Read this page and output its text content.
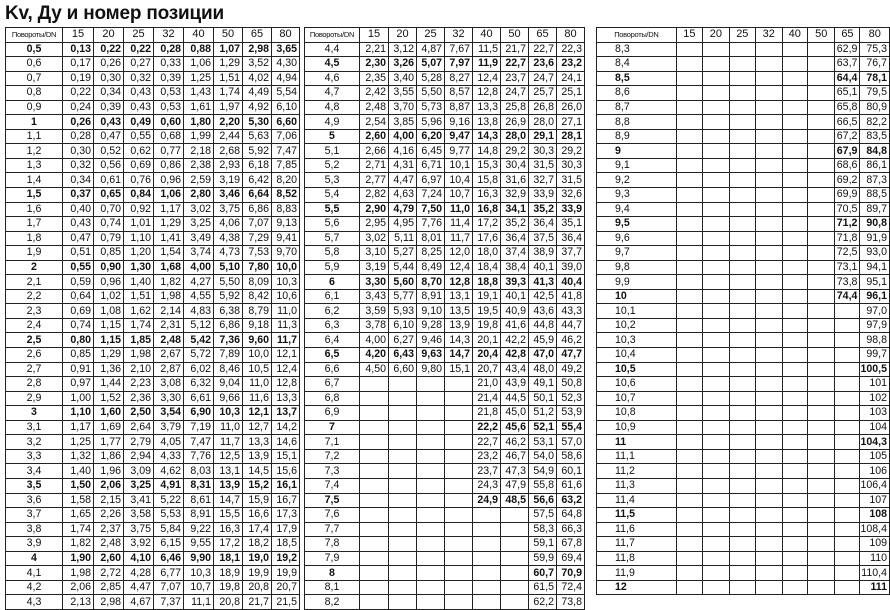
Kv, Ду и номер позиции
Повороты/DN	15	20	25	32	40	50	65	80
0,5	0,13	0,22	0,22	0,28	0,88	1,07	2,98	3,65
0,6	0,17	0,26	0,27	0,33	1,06	1,29	3,52	4,30
0,7	0,19	0,30	0,32	0,39	1,25	1,51	4,02	4,94
0,8	0,22	0,34	0,43	0,53	1,43	1,74	4,49	5,54
0,9	0,24	0,39	0,43	0,53	1,61	1,97	4,92	6,10
1	0,26	0,43	0,49	0,60	1,80	2,20	5,30	6,60
1,1	0,28	0,47	0,55	0,68	1,99	2,44	5,63	7,06
1,2	0,30	0,52	0,62	0,77	2,18	2,68	5,92	7,47
1,3	0,32	0,56	0,69	0,86	2,38	2,93	6,18	7,85
1,4	0,34	0,61	0,76	0,96	2,59	3,19	6,42	8,20
1,5	0,37	0,65	0,84	1,06	2,80	3,46	6,64	8,52
1,6	0,40	0,70	0,92	1,17	3,02	3,75	6,86	8,83
1,7	0,43	0,74	1,01	1,29	3,25	4,06	7,07	9,13
1,8	0,47	0,79	1,10	1,41	3,49	4,38	7,29	9,41
1,9	0,51	0,85	1,20	1,54	3,74	4,73	7,53	9,70
2	0,55	0,90	1,30	1,68	4,00	5,10	7,80	10,0
2,1	0,59	0,96	1,40	1,82	4,27	5,50	8,09	10,3
2,2	0,64	1,02	1,51	1,98	4,55	5,92	8,42	10,6
2,3	0,69	1,08	1,62	2,14	4,83	6,38	8,79	11,0
2,4	0,74	1,15	1,74	2,31	5,12	6,86	9,18	11,3
2,5	0,80	1,15	1,85	2,48	5,42	7,36	9,60	11,7
2,6	0,85	1,29	1,98	2,67	5,72	7,89	10,0	12,1
2,7	0,91	1,36	2,10	2,87	6,02	8,46	10,5	12,4
2,8	0,97	1,44	2,23	3,08	6,32	9,04	11,0	12,8
2,9	1,00	1,52	2,36	3,30	6,61	9,66	11,6	13,3
3	1,10	1,60	2,50	3,54	6,90	10,3	12,1	13,7
3,1	1,17	1,69	2,64	3,79	7,19	11,0	12,7	14,2
3,2	1,25	1,77	2,79	4,05	7,47	11,7	13,3	14,6
3,3	1,32	1,86	2,94	4,33	7,76	12,5	13,9	15,1
3,4	1,40	1,96	3,09	4,62	8,03	13,1	14,5	15,6
3,5	1,50	2,06	3,25	4,91	8,31	13,9	15,2	16,1
3,6	1,58	2,15	3,41	5,22	8,61	14,7	15,9	16,7
3,7	1,65	2,26	3,58	5,53	8,91	15,5	16,6	17,3
3,8	1,74	2,37	3,75	5,84	9,22	16,3	17,4	17,9
3,9	1,82	2,48	3,92	6,15	9,55	17,2	18,2	18,5
4	1,90	2,60	4,10	6,46	9,90	18,1	19,0	19,2
4,1	1,98	2,72	4,28	6,77	10,3	18,9	19,9	19,9
4,2	2,06	2,85	4,47	7,07	10,7	19,8	20,8	20,7
4,3	2,13	2,98	4,67	7,37	11,1	20,8	21,7	21,5
Повороты/DN	15	20	25	32	40	50	65	80
4,4	2,21	3,12	4,87	7,67	11,5	21,7	22,7	22,3
4,5	2,30	3,26	5,07	7,97	11,9	22,7	23,6	23,2
4,6	2,35	3,40	5,28	8,27	12,4	23,7	24,7	24,1
4,7	2,42	3,55	5,50	8,57	12,8	24,7	25,7	25,1
4,8	2,48	3,70	5,73	8,87	13,3	25,8	26,8	26,0
4,9	2,54	3,85	5,96	9,16	13,8	26,9	28,0	27,1
5	2,60	4,00	6,20	9,47	14,3	28,0	29,1	28,1
5,1	2,66	4,16	6,45	9,77	14,8	29,2	30,3	29,2
5,2	2,71	4,31	6,71	10,1	15,3	30,4	31,5	30,3
5,3	2,77	4,47	6,97	10,4	15,8	31,6	32,7	31,5
5,4	2,82	4,63	7,24	10,7	16,3	32,9	33,9	32,6
5,5	2,90	4,79	7,50	11,0	16,8	34,1	35,2	33,9
5,6	2,95	4,95	7,76	11,4	17,2	35,2	36,4	35,1
5,7	3,02	5,11	8,01	11,7	17,6	36,4	37,5	36,4
5,8	3,10	5,27	8,25	12,0	18,0	37,4	38,9	37,7
5,9	3,19	5,44	8,49	12,4	18,4	38,4	40,1	39,0
6	3,30	5,60	8,70	12,8	18,8	39,3	41,3	40,4
6,1	3,43	5,77	8,91	13,1	19,1	40,1	42,5	41,8
6,2	3,59	5,93	9,10	13,5	19,5	40,9	43,6	43,3
6,3	3,78	6,10	9,28	13,9	19,8	41,6	44,8	44,7
6,4	4,00	6,27	9,46	14,3	20,1	42,2	45,9	46,2
6,5	4,20	6,43	9,63	14,7	20,4	42,8	47,0	47,7
6,6	4,50	6,60	9,80	15,1	20,7	43,4	48,0	49,2
6,7					21,0	43,9	49,1	50,8
6,8					21,4	44,5	50,1	52,3
6,9					21,8	45,0	51,2	53,9
7					22,2	45,6	52,1	55,4
7,1					22,7	46,2	53,1	57,0
7,2					23,2	46,7	54,0	58,6
7,3					23,7	47,3	54,9	60,1
7,4					24,3	47,9	55,8	61,6
7,5					24,9	48,5	56,6	63,2
7,6							57,5	64,8
7,7							58,3	66,3
7,8							59,1	67,8
7,9							59,9	69,4
8							60,7	70,9
8,1							61,5	72,4
8,2							62,2	73,8
Повороты/DN	15	20	25	32	40	50	65	80
8,3							62,9	75,3
8,4							63,7	76,7
8,5							64,4	78,1
8,6							65,1	79,5
8,7							65,8	80,9
8,8							66,5	82,2
8,9							67,2	83,5
9							67,9	84,8
9,1							68,6	86,1
9,2							69,2	87,3
9,3							69,9	88,5
9,4							70,5	89,7
9,5							71,2	90,8
9,6							71,8	91,9
9,7							72,5	93,0
9,8							73,1	94,1
9,9							73,8	95,1
10							74,4	96,1
10,1								97,0
10,2								97,9
10,3								98,8
10,4								99,7
10,5								100,5
10,6								101
10,7								102
10,8								103
10,9								104
11								104,3
11,1								105
11,2								106
11,3								106,4
11,4								107
11,5								108
11,6								108,4
11,7								109
11,8								110
11,9								110,4
12								111
